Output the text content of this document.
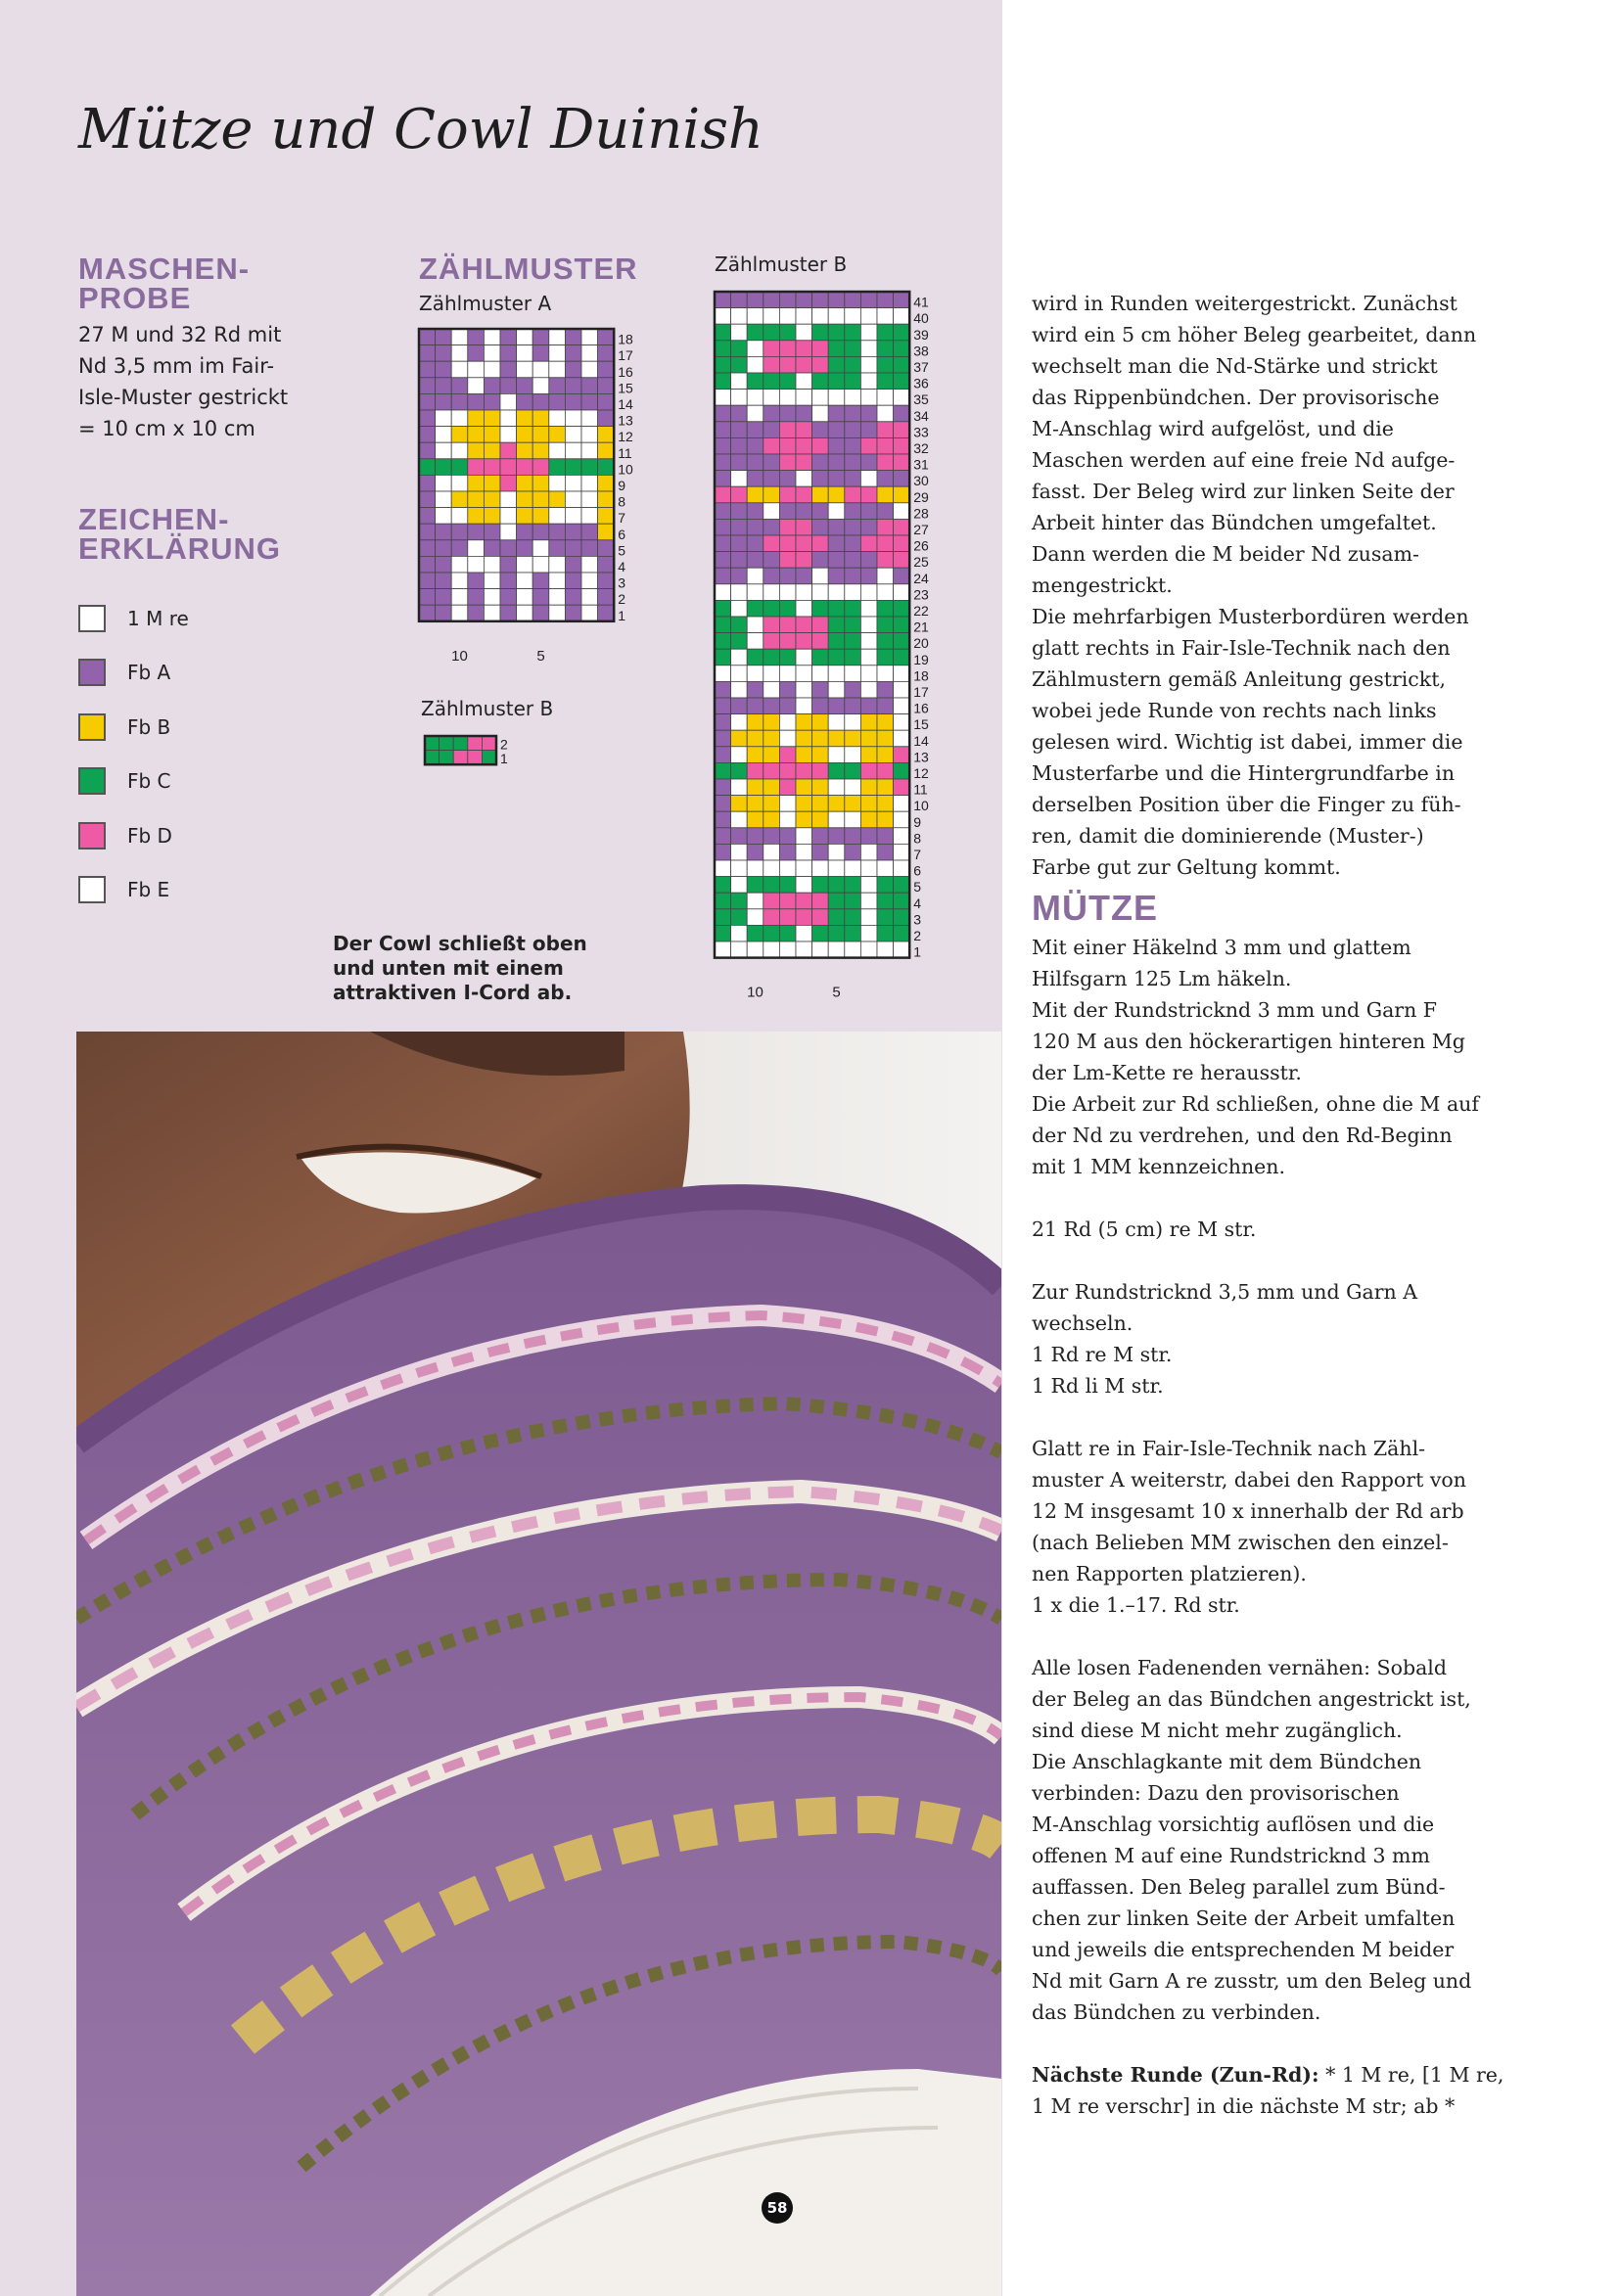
Mütze und Cowl Duinish
MASCHEN-
PROBE
27 M und 32 Rd mit
Nd 3,5 mm im Fair-
Isle-Muster gestrickt
= 10 cm x 10 cm
ZEICHEN-
ERKLÄRUNG
1 M re
Fb A
Fb B
Fb C
Fb D
Fb E
ZÄHLMUSTER
Zählmuster A
18
17
16
15
14
13
12
11
10
9
8
7
6
5
4
3
2
1
10	5
Zählmuster B
2
1
Zählmuster B
41
40
39
38
37
36
35
34
33
32
31
30
29
28
27
26
25
24
23
22
21
20
19
18
17
16
15
14
13
12
11
10
9
8
7
6
5
4
3
2
1
10	5
Der Cowl schließt oben und unten mit einem attraktiven I-Cord ab.
58

wird in Runden weitergestrickt. Zunächst

wird ein 5 cm höher Beleg gearbeitet, dann

wechselt man die Nd-Stärke und strickt

das Rippenbündchen. Der provisorische

M-Anschlag wird aufgelöst, und die

Maschen werden auf eine freie Nd aufge-

fasst. Der Beleg wird zur linken Seite der

Arbeit hinter das Bündchen umgefaltet.

Dann werden die M beider Nd zusam-

mengestrickt.

Die mehrfarbigen Musterbordüren werden

glatt rechts in Fair-Isle-Technik nach den

Zählmustern gemäß Anleitung gestrickt,

wobei jede Runde von rechts nach links

gelesen wird. Wichtig ist dabei, immer die

Musterfarbe und die Hintergrundfarbe in

derselben Position über die Finger zu füh-

ren, damit die dominierende (Muster-)

Farbe gut zur Geltung kommt.

MÜTZE

Mit einer Häkelnd 3 mm und glattem

Hilfsgarn 125 Lm häkeln.

Mit der Rundstricknd 3 mm und Garn F

120 M aus den höckerartigen hinteren Mg

der Lm-Kette re herausstr.

Die Arbeit zur Rd schließen, ohne die M auf

der Nd zu verdrehen, und den Rd-Beginn

mit 1 MM kennzeichnen.

21 Rd (5 cm) re M str.

Zur Rundstricknd 3,5 mm und Garn A

wechseln.

1 Rd re M str.

1 Rd li M str.

Glatt re in Fair-Isle-Technik nach Zähl-

muster A weiterstr, dabei den Rapport von

12 M insgesamt 10 x innerhalb der Rd arb

(nach Belieben MM zwischen den einzel-

nen Rapporten platzieren).

1 x die 1.–17. Rd str.

Alle losen Fadenenden vernähen: Sobald

der Beleg an das Bündchen angestrickt ist,

sind diese M nicht mehr zugänglich.

Die Anschlagkante mit dem Bündchen

verbinden: Dazu den provisorischen

M-Anschlag vorsichtig auflösen und die

offenen M auf eine Rundstricknd 3 mm

auffassen. Den Beleg parallel zum Bünd-

chen zur linken Seite der Arbeit umfalten

und jeweils die entsprechenden M beider

Nd mit Garn A re zusstr, um den Beleg und

das Bündchen zu verbinden.

Nächste Runde (Zun-Rd): * 1 M re, [1 M re,

1 M re verschr] in die nächste M str; ab *
